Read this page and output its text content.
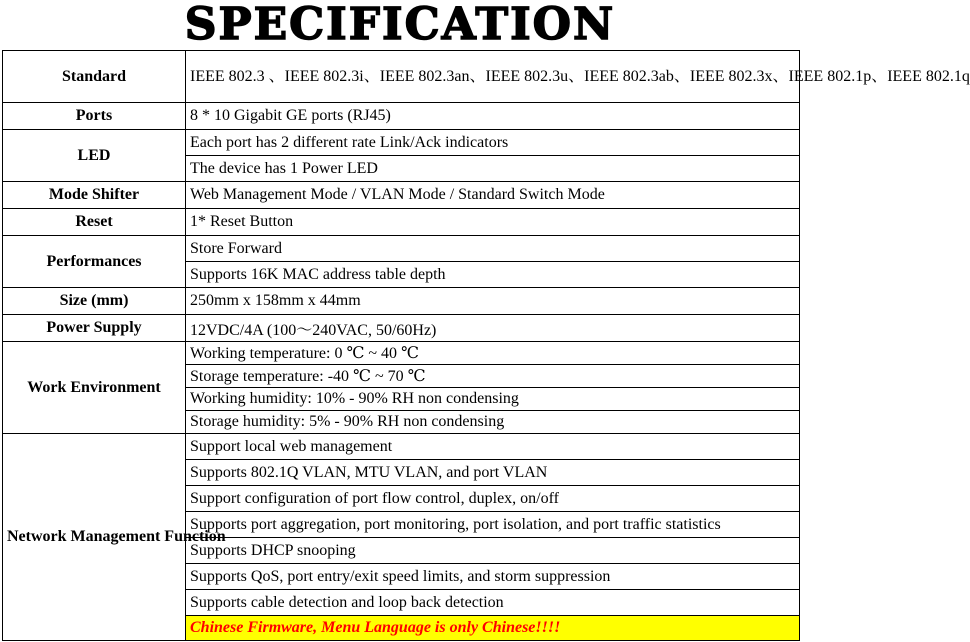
SPECIFICATION
Standard	IEEE 802.3 、IEEE 802.3i、IEEE 802.3an、IEEE 802.3u、IEEE 802.3ab、IEEE 802.3x、IEEE 802.1p、IEEE 802.1q
Ports	8 * 10 Gigabit GE ports (RJ45)
LED	Each port has 2 different rate Link/Ack indicators
	The device has 1 Power LED
Mode Shifter	Web Management Mode / VLAN Mode / Standard Switch Mode
Reset	1* Reset Button
Performances	Store Forward
	Supports 16K MAC address table depth
Size (mm)	250mm x 158mm x 44mm
Power Supply	12VDC/4A (100～240VAC, 50/60Hz)
Work Environment	Working temperature: 0 ℃ ~ 40 ℃
	Storage temperature: -40 ℃ ~ 70 ℃
	Working humidity: 10% - 90% RH non condensing
	Storage humidity: 5% - 90% RH non condensing
Network Management Function	Support local web management
	Supports 802.1Q VLAN, MTU VLAN, and port VLAN
	Support configuration of port flow control, duplex, on/off
	Supports port aggregation, port monitoring, port isolation, and port traffic statistics
	Supports DHCP snooping
	Supports QoS, port entry/exit speed limits, and storm suppression
	Supports cable detection and loop back detection
	Chinese Firmware, Menu Language is only Chinese!!!!
